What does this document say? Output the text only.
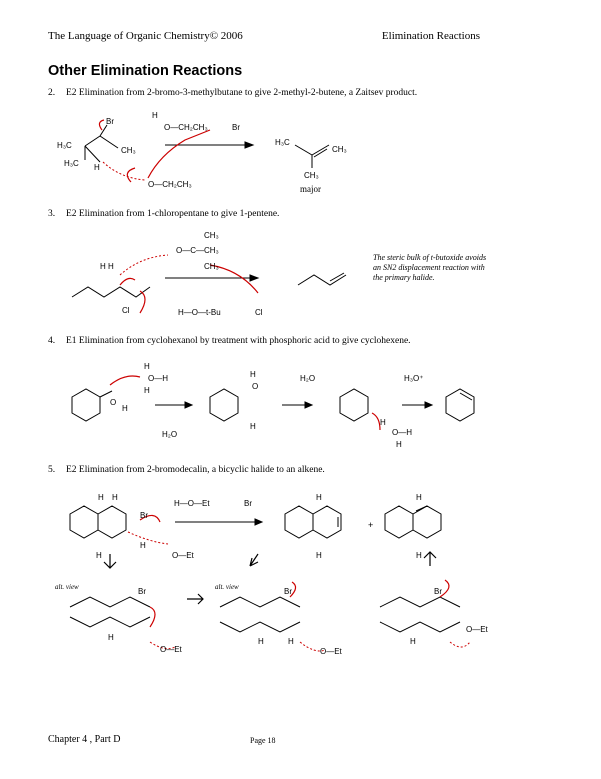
The Language of Organic Chemistry© 2006	Elimination Reactions
Other Elimination Reactions
2. E2 Elimination from 2-bromo-3-methylbutane to give 2-methyl-2-butene, a Zaitsev product.
3. E2 Elimination from 1-chloropentane to give 1-pentene.
4. E1 Elimination from cyclohexanol by treatment with phosphoric acid to give cyclohexene.
5. E2 Elimination from 2-bromodecalin, a bicyclic halide to an alkene.
H₃C
Br
CH₃
H₃C H
H
O—CH₂CH₃	Br
O—CH₂CH₃
H₃C
CH₃
CH₃
major
CH₃
O—C—CH₃
CH₃
H H
Cl	H—O—t-Bu	Cl
The steric bulk of t-butoxide avoids an SN2 displacement reaction with the primary halide.
H
O—H
H
O
H
H₂O
H
O
H
H₂O	H₃O⁺
H
O—H
H
H H
Br
H
H
H—O—Et	Br
O—Et
H
H
+
H
H
alt. view	alt. view
Br	Br	Br
H	H	H	H
O—Et	O—Et
O—Et
Chapter 4 , Part D	Page 18
